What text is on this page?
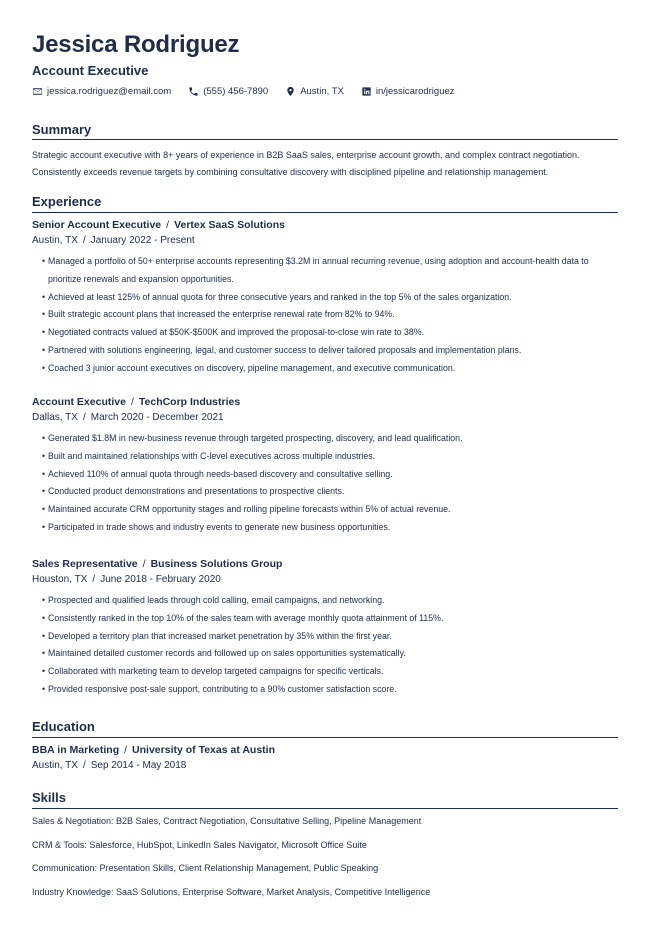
Jessica Rodriguez
Account Executive
jessica.rodriguez@email.com	(555) 456-7890	Austin, TX	in/jessicarodriguez
Summary
Strategic account executive with 8+ years of experience in B2B SaaS sales, enterprise account growth, and complex contract negotiation. Consistently exceeds revenue targets by combining consultative discovery with disciplined pipeline and relationship management.
Experience
Senior Account Executive / Vertex SaaS Solutions
Austin, TX / January 2022 - Present
• Managed a portfolio of 50+ enterprise accounts representing $3.2M in annual recurring revenue, using adoption and account-health data to prioritize renewals and expansion opportunities.
• Achieved at least 125% of annual quota for three consecutive years and ranked in the top 5% of the sales organization.
• Built strategic account plans that increased the enterprise renewal rate from 82% to 94%.
• Negotiated contracts valued at $50K-$500K and improved the proposal-to-close win rate to 38%.
• Partnered with solutions engineering, legal, and customer success to deliver tailored proposals and implementation plans.
• Coached 3 junior account executives on discovery, pipeline management, and executive communication.
Account Executive / TechCorp Industries
Dallas, TX / March 2020 - December 2021
• Generated $1.8M in new-business revenue through targeted prospecting, discovery, and lead qualification.
• Built and maintained relationships with C-level executives across multiple industries.
• Achieved 110% of annual quota through needs-based discovery and consultative selling.
• Conducted product demonstrations and presentations to prospective clients.
• Maintained accurate CRM opportunity stages and rolling pipeline forecasts within 5% of actual revenue.
• Participated in trade shows and industry events to generate new business opportunities.
Sales Representative / Business Solutions Group
Houston, TX / June 2018 - February 2020
• Prospected and qualified leads through cold calling, email campaigns, and networking.
• Consistently ranked in the top 10% of the sales team with average monthly quota attainment of 115%.
• Developed a territory plan that increased market penetration by 35% within the first year.
• Maintained detailed customer records and followed up on sales opportunities systematically.
• Collaborated with marketing team to develop targeted campaigns for specific verticals.
• Provided responsive post-sale support, contributing to a 90% customer satisfaction score.
Education
BBA in Marketing / University of Texas at Austin
Austin, TX / Sep 2014 - May 2018
Skills
Sales & Negotiation: B2B Sales, Contract Negotiation, Consultative Selling, Pipeline Management
CRM & Tools: Salesforce, HubSpot, LinkedIn Sales Navigator, Microsoft Office Suite
Communication: Presentation Skills, Client Relationship Management, Public Speaking
Industry Knowledge: SaaS Solutions, Enterprise Software, Market Analysis, Competitive Intelligence
